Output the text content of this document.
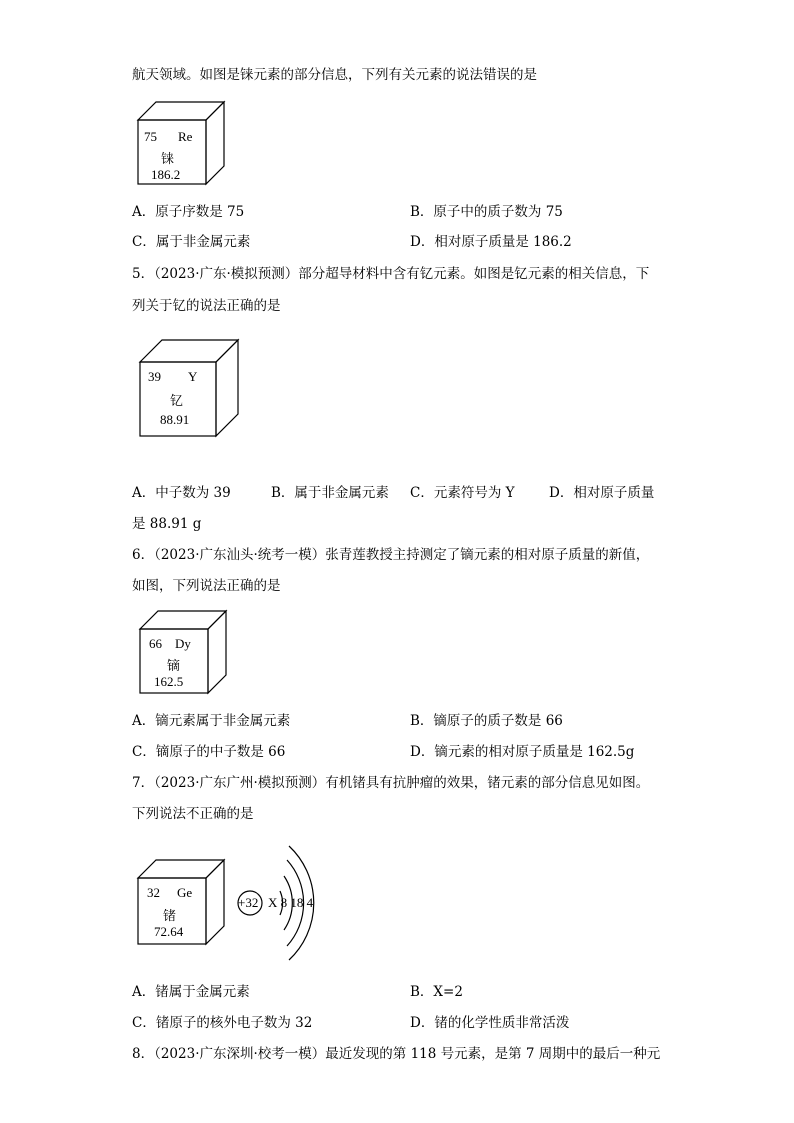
航天领域。如图是铼元素的部分信息，下列有关元素的说法错误的是
75 Re
铼
186.2
A．原子序数是 75	B．原子中的质子数为 75
C．属于非金属元素	D．相对原子质量是 186.2
5．（2023·广东·模拟预测）部分超导材料中含有钇元素。如图是钇元素的相关信息，下
列关于钇的说法正确的是
39 Y
钇
88.91
A．中子数为 39	B．属于非金属元素 C．元素符号为 Y	D．相对原子质量
是 88.91 g
6．（2023·广东汕头·统考一模）张青莲教授主持测定了镝元素的相对原子质量的新值，
如图，下列说法正确的是
66 Dy
镝
162.5
A．镝元素属于非金属元素	B．镝原子的质子数是 66
C．镝原子的中子数是 66	D．镝元素的相对原子质量是 162.5g
7．（2023·广东广州·模拟预测）有机锗具有抗肿瘤的效果，锗元素的部分信息见如图。
下列说法不正确的是
32 Ge
锗
72.64
+32 X 8 18 4
A．锗属于金属元素	B．X=2
C．锗原子的核外电子数为 32	D．锗的化学性质非常活泼
8．（2023·广东深圳·校考一模）最近发现的第 118 号元素，是第 7 周期中的最后一种元
